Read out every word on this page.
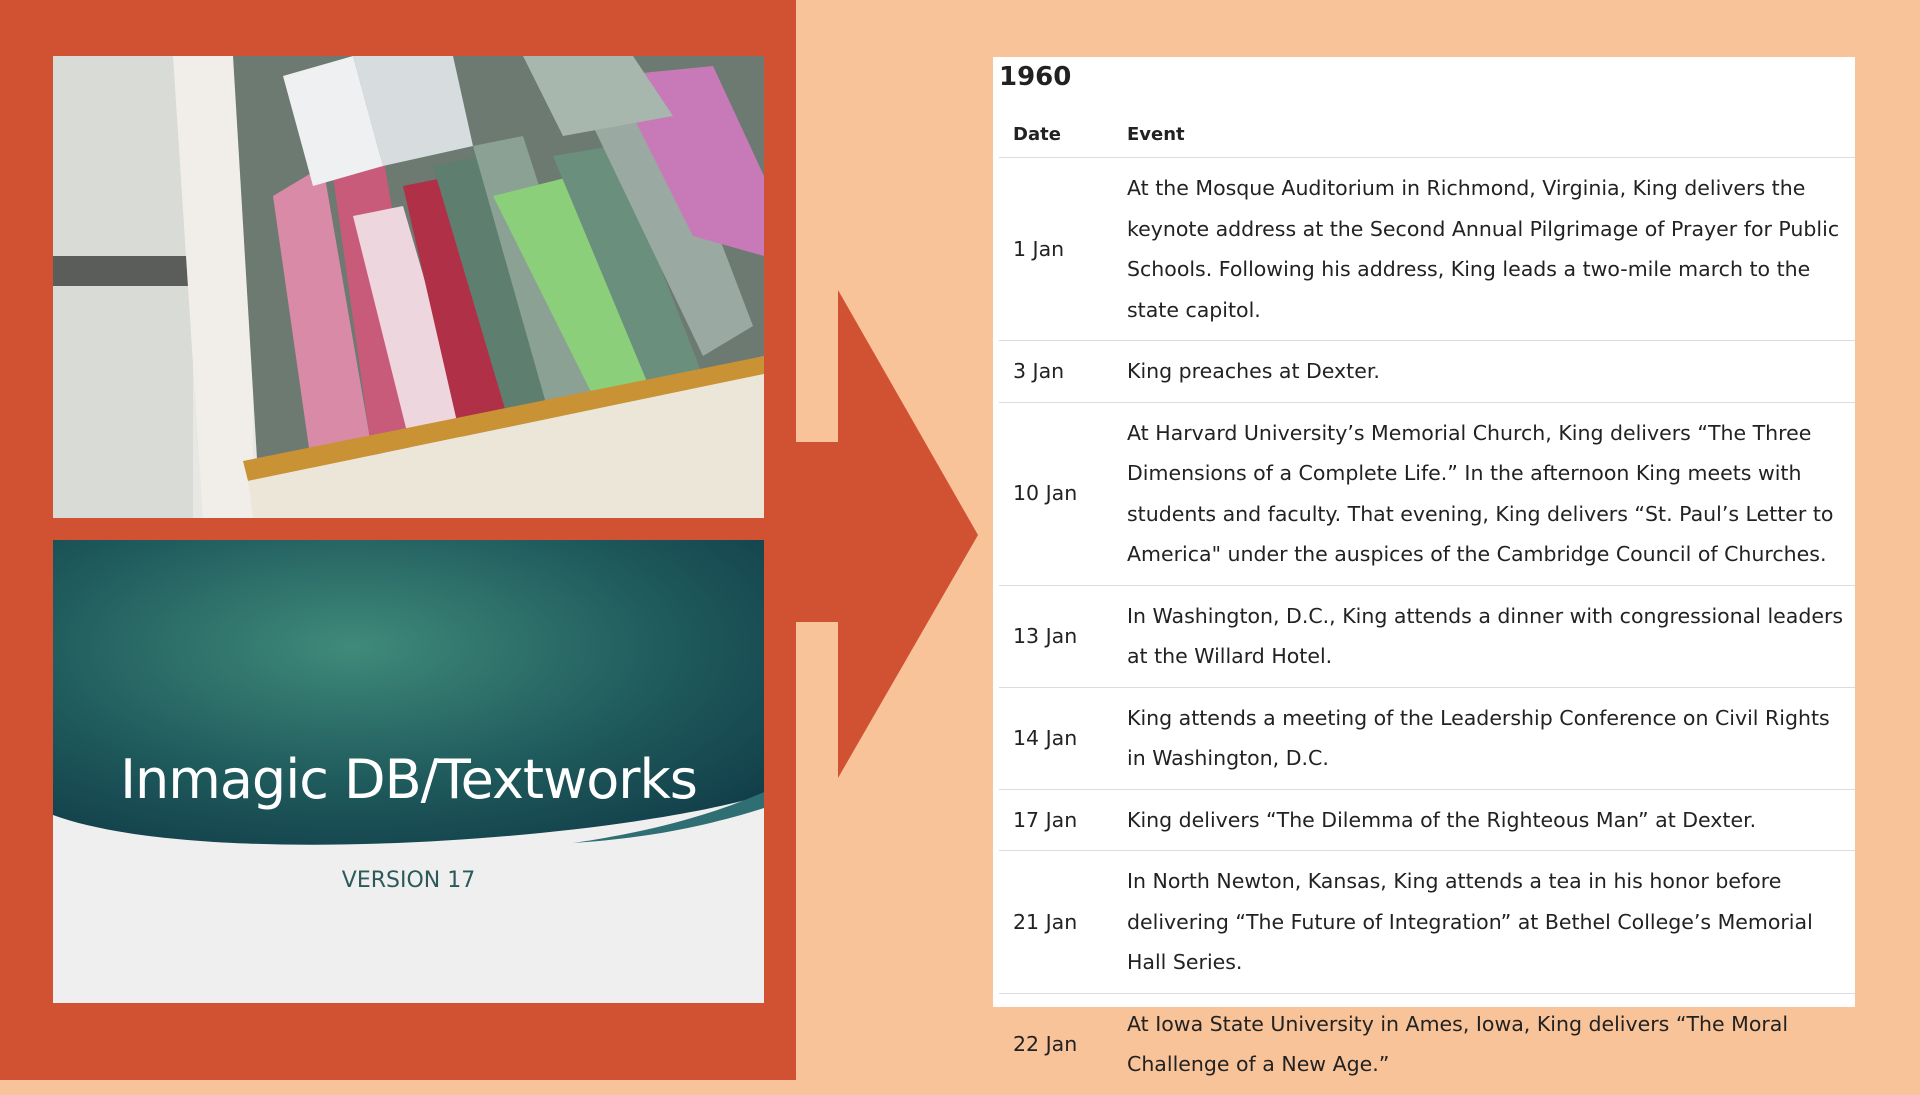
Inmagic DB/Textworks
VERSION 17
1960
Date	Event
1 Jan	At the Mosque Auditorium in Richmond, Virginia, King delivers the keynote address at the Second Annual Pilgrimage of Prayer for Public Schools. Following his address, King leads a two-mile march to the state capitol.
3 Jan	King preaches at Dexter.
10 Jan	At Harvard University’s Memorial Church, King delivers “The Three Dimensions of a Complete Life.” In the afternoon King meets with students and faculty. That evening, King delivers “St. Paul’s Letter to America" under the auspices of the Cambridge Council of Churches.
13 Jan	In Washington, D.C., King attends a dinner with congressional leaders at the Willard Hotel.
14 Jan	King attends a meeting of the Leadership Conference on Civil Rights in Washington, D.C.
17 Jan	King delivers “The Dilemma of the Righteous Man” at Dexter.
21 Jan	In North Newton, Kansas, King attends a tea in his honor before delivering “The Future of Integration” at Bethel College’s Memorial Hall Series.
22 Jan	At Iowa State University in Ames, Iowa, King delivers “The Moral Challenge of a New Age.”
